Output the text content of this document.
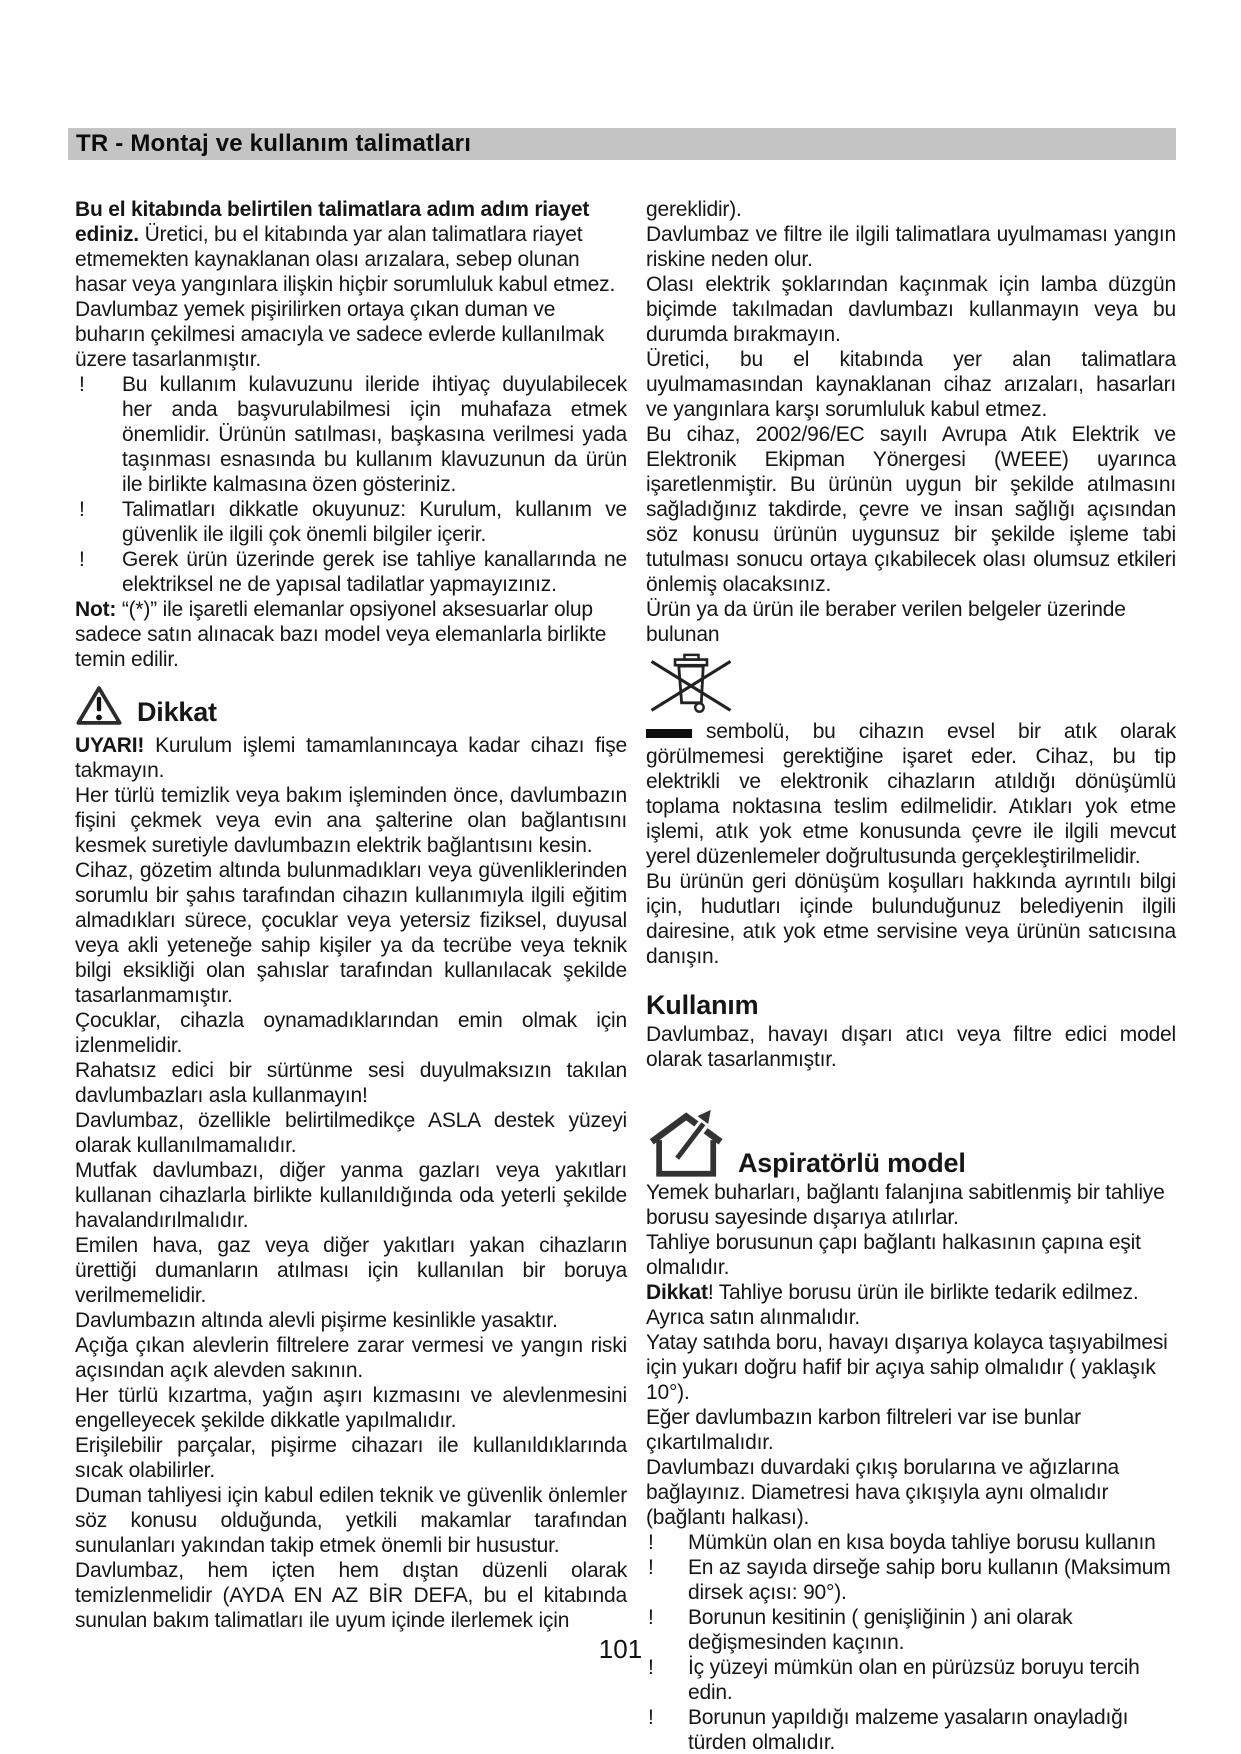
TR - Montaj ve kullanım talimatları

Bu el kitabında belirtilen talimatlara adım adım riayet ediniz. Üretici, bu el kitabında yar alan talimatlara riayet etmemekten kaynaklanan olası arızalara, sebep olunan hasar veya yangınlara ilişkin hiçbir sorumluluk kabul etmez.

Davlumbaz yemek pişirilirken ortaya çıkan duman ve buharın çekilmesi amacıyla ve sadece evlerde kullanılmak üzere tasarlanmıştır.

! Bu kullanım kulavuzunu ileride ihtiyaç duyulabilecek her anda başvurulabilmesi için muhafaza etmek önemlidir. Ürünün satılması, başkasına verilmesi yada taşınması esnasında bu kullanım klavuzunun da ürün ile birlikte kalmasına özen gösteriniz.
! Talimatları dikkatle okuyunuz: Kurulum, kullanım ve güvenlik ile ilgili çok önemli bilgiler içerir.
! Gerek ürün üzerinde gerek ise tahliye kanallarında ne elektriksel ne de yapısal tadilatlar yapmayızınız.

Not: “(*)” ile işaretli elemanlar opsiyonel aksesuarlar olup sadece satın alınacak bazı model veya elemanlarla birlikte temin edilir.

Dikkat

UYARI! Kurulum işlemi tamamlanıncaya kadar cihazı fişe takmayın.

Her türlü temizlik veya bakım işleminden önce, davlumbazın fişini çekmek veya evin ana şalterine olan bağlantısını kesmek suretiyle davlumbazın elektrik bağlantısını kesin.

Cihaz, gözetim altında bulunmadıkları veya güvenliklerinden sorumlu bir şahıs tarafından cihazın kullanımıyla ilgili eğitim almadıkları sürece, çocuklar veya yetersiz fiziksel, duyusal veya akli yeteneğe sahip kişiler ya da tecrübe veya teknik bilgi eksikliği olan şahıslar tarafından kullanılacak şekilde tasarlanmamıştır.

Çocuklar, cihazla oynamadıklarından emin olmak için izlenmelidir.

Rahatsız edici bir sürtünme sesi duyulmaksızın takılan davlumbazları asla kullanmayın!

Davlumbaz, özellikle belirtilmedikçe ASLA destek yüzeyi olarak kullanılmamalıdır.

Mutfak davlumbazı, diğer yanma gazları veya yakıtları kullanan cihazlarla birlikte kullanıldığında oda yeterli şekilde havalandırılmalıdır.

Emilen hava, gaz veya diğer yakıtları yakan cihazların ürettiği dumanların atılması için kullanılan bir boruya verilmemelidir.

Davlumbazın altında alevli pişirme kesinlikle yasaktır.

Açığa çıkan alevlerin filtrelere zarar vermesi ve yangın riski açısından açık alevden sakının.

Her türlü kızartma, yağın aşırı kızmasını ve alevlenmesini engelleyecek şekilde dikkatle yapılmalıdır.

Erişilebilir parçalar, pişirme cihazarı ile kullanıldıklarında sıcak olabilirler.

Duman tahliyesi için kabul edilen teknik ve güvenlik önlemler söz konusu olduğunda, yetkili makamlar tarafından sunulanları yakından takip etmek önemli bir husustur.

Davlumbaz, hem içten hem dıştan düzenli olarak temizlenmelidir (AYDA EN AZ BİR DEFA, bu el kitabında sunulan bakım talimatları ile uyum içinde ilerlemek için

gereklidir).

Davlumbaz ve filtre ile ilgili talimatlara uyulmaması yangın riskine neden olur.

Olası elektrik şoklarından kaçınmak için lamba düzgün biçimde takılmadan davlumbazı kullanmayın veya bu durumda bırakmayın.

Üretici, bu el kitabında yer alan talimatlara uyulmamasından kaynaklanan cihaz arızaları, hasarları ve yangınlara karşı sorumluluk kabul etmez.

Bu cihaz, 2002/96/EC sayılı Avrupa Atık Elektrik ve Elektronik Ekipman Yönergesi (WEEE) uyarınca işaretlenmiştir. Bu ürünün uygun bir şekilde atılmasını sağladığınız takdirde, çevre ve insan sağlığı açısından söz konusu ürünün uygunsuz bir şekilde işleme tabi tutulması sonucu ortaya çıkabilecek olası olumsuz etkileri önlemiş olacaksınız.

Ürün ya da ürün ile beraber verilen belgeler üzerinde bulunan

sembolü, bu cihazın evsel bir atık olarak görülmemesi gerektiğine işaret eder. Cihaz, bu tip elektrikli ve elektronik cihazların atıldığı dönüşümlü toplama noktasına teslim edilmelidir. Atıkları yok etme işlemi, atık yok etme konusunda çevre ile ilgili mevcut yerel düzenlemeler doğrultusunda gerçekleştirilmelidir.

Bu ürünün geri dönüşüm koşulları hakkında ayrıntılı bilgi için, hudutları içinde bulunduğunuz belediyenin ilgili dairesine, atık yok etme servisine veya ürünün satıcısına danışın.

Kullanım

Davlumbaz, havayı dışarı atıcı veya filtre edici model olarak tasarlanmıştır.

Aspiratörlü model

Yemek buharları, bağlantı falanjına sabitlenmiş bir tahliye borusu sayesinde dışarıya atılırlar.

Tahliye borusunun çapı bağlantı halkasının çapına eşit olmalıdır.

Dikkat! Tahliye borusu ürün ile birlikte tedarik edilmez. Ayrıca satın alınmalıdır.

Yatay satıhda boru, havayı dışarıya kolayca taşıyabilmesi için yukarı doğru hafif bir açıya sahip olmalıdır ( yaklaşık 10°).

Eğer davlumbazın karbon filtreleri var ise bunlar çıkartılmalıdır.

Davlumbazı duvardaki çıkış borularına ve ağızlarına bağlayınız. Diametresi hava çıkışıyla aynı olmalıdır (bağlantı halkası).

! Mümkün olan en kısa boyda tahliye borusu kullanın
! En az sayıda dirseğe sahip boru kullanın (Maksimum dirsek açısı: 90°).
! Borunun kesitinin ( genişliğinin ) ani olarak değişmesinden kaçının.
! İç yüzeyi mümkün olan en pürüzsüz boruyu tercih edin.
! Borunun yapıldığı malzeme yasaların onayladığı türden olmalıdır.
101
